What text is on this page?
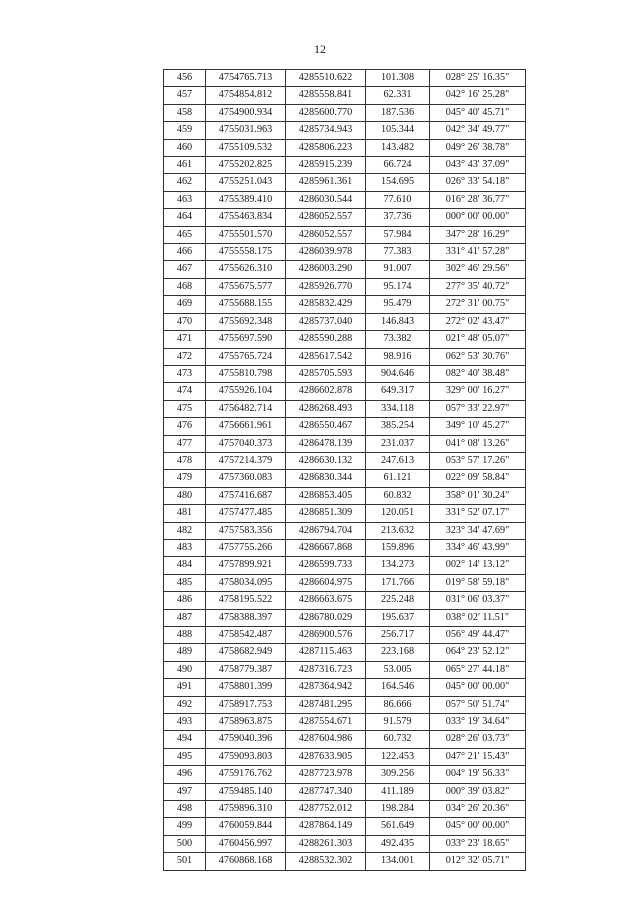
12
456	4754765.713	4285510.622	101.308	028° 25' 16.35"
457	4754854.812	4285558.841	62.331	042° 16' 25.28"
458	4754900.934	4285600.770	187.536	045° 40' 45.71"
459	4755031.963	4285734.943	105.344	042° 34' 49.77"
460	4755109.532	4285806.223	143.482	049° 26' 38.78"
461	4755202.825	4285915.239	66.724	043° 43' 37.09"
462	4755251.043	4285961.361	154.695	026° 33' 54.18"
463	4755389.410	4286030.544	77.610	016° 28' 36.77"
464	4755463.834	4286052.557	37.736	000° 00' 00.00"
465	4755501.570	4286052.557	57.984	347° 28' 16.29"
466	4755558.175	4286039.978	77.383	331° 41' 57.28"
467	4755626.310	4286003.290	91.007	302° 46' 29.56"
468	4755675.577	4285926.770	95.174	277° 35' 40.72"
469	4755688.155	4285832.429	95.479	272° 31' 00.75"
470	4755692.348	4285737.040	146.843	272° 02' 43.47"
471	4755697.590	4285590.288	73.382	021° 48' 05.07"
472	4755765.724	4285617.542	98.916	062° 53' 30.76"
473	4755810.798	4285705.593	904.646	082° 40' 38.48"
474	4755926.104	4286602.878	649.317	329° 00' 16.27"
475	4756482.714	4286268.493	334.118	057° 33' 22.97"
476	4756661.961	4286550.467	385.254	349° 10' 45.27"
477	4757040.373	4286478.139	231.037	041° 08' 13.26"
478	4757214.379	4286630.132	247.613	053° 57' 17.26"
479	4757360.083	4286830.344	61.121	022° 09' 58.84"
480	4757416.687	4286853.405	60.832	358° 01' 30.24"
481	4757477.485	4286851.309	120.051	331° 52' 07.17"
482	4757583.356	4286794.704	213.632	323° 34' 47.69"
483	4757755.266	4286667.868	159.896	334° 46' 43.99"
484	4757899.921	4286599.733	134.273	002° 14' 13.12"
485	4758034.095	4286604.975	171.766	019° 58' 59.18"
486	4758195.522	4286663.675	225.248	031° 06' 03.37"
487	4758388.397	4286780.029	195.637	038° 02' 11.51"
488	4758542.487	4286900.576	256.717	056° 49' 44.47"
489	4758682.949	4287115.463	223.168	064° 23' 52.12"
490	4758779.387	4287316.723	53.005	065° 27' 44.18"
491	4758801.399	4287364.942	164.546	045° 00' 00.00"
492	4758917.753	4287481.295	86.666	057° 50' 51.74"
493	4758963.875	4287554.671	91.579	033° 19' 34.64"
494	4759040.396	4287604.986	60.732	028° 26' 03.73"
495	4759093.803	4287633.905	122.453	047° 21' 15.43"
496	4759176.762	4287723.978	309.256	004° 19' 56.33"
497	4759485.140	4287747.340	411.189	000° 39' 03.82"
498	4759896.310	4287752.012	198.284	034° 26' 20.36"
499	4760059.844	4287864.149	561.649	045° 00' 00.00"
500	4760456.997	4288261.303	492.435	033° 23' 18.65"
501	4760868.168	4288532.302	134.001	012° 32' 05.71"
